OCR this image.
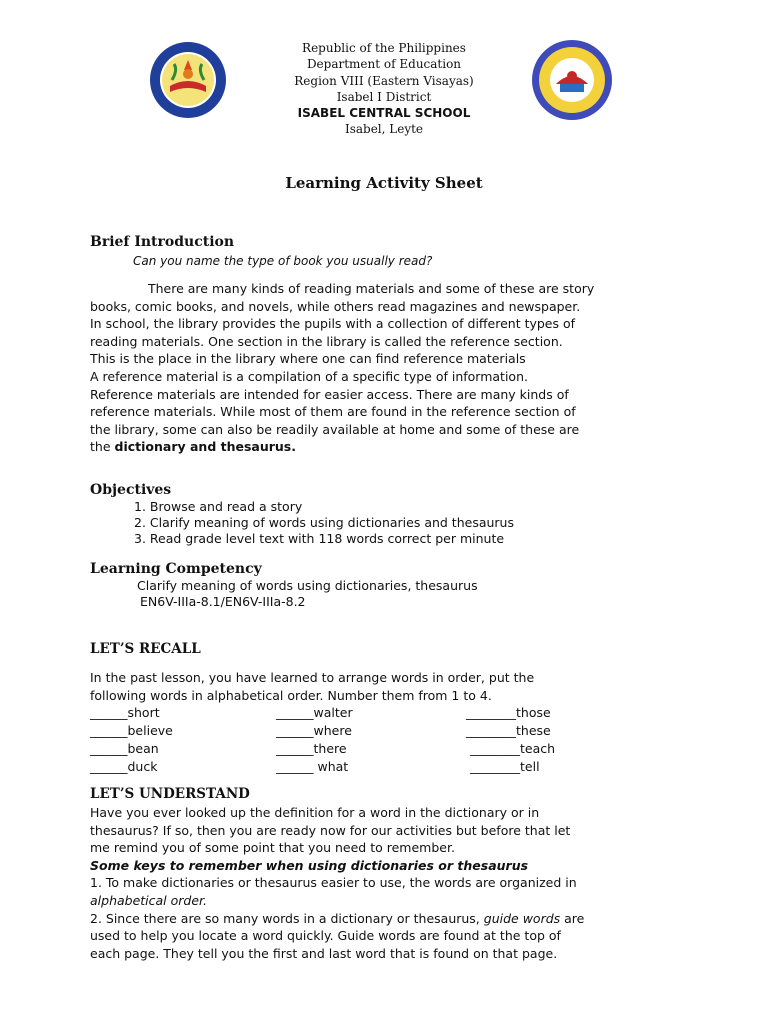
Republic of the Philippines
Department of Education
Region VIII (Eastern Visayas)
Isabel I District
ISABEL CENTRAL SCHOOL
Isabel, Leyte
Learning Activity Sheet
Brief Introduction
Can you name the type of book you usually read?
There are many kinds of reading materials and some of these are story
books, comic books, and novels, while others read magazines and newspaper.
In school, the library provides the pupils with a collection of different types of
reading materials. One section in the library is called the reference section.
This is the place in the library where one can find reference materials
A reference material is a compilation of a specific type of information.
Reference materials are intended for easier access. There are many kinds of
reference materials. While most of them are found in the reference section of
the library, some can also be readily available at home and some of these are
the dictionary and thesaurus.
Objectives
1. Browse and read a story
2. Clarify meaning of words using dictionaries and thesaurus
3. Read grade level text with 118 words correct per minute
Learning Competency
Clarify meaning of words using dictionaries, thesaurus
EN6V-IIIa-8.1/EN6V-IIIa-8.2
LET’S RECALL
In the past lesson, you have learned to arrange words in order, put the
following words in alphabetical order. Number them from 1 to 4.
______short	______walter	________those
______believe	______where	________these
______bean	______there	________teach
______duck	______ what	________tell
LET’S UNDERSTAND
Have you ever looked up the definition for a word in the dictionary or in
thesaurus? If so, then you are ready now for our activities but before that let
me remind you of some point that you need to remember.
Some keys to remember when using dictionaries or thesaurus
1. To make dictionaries or thesaurus easier to use, the words are organized in
alphabetical order.
2. Since there are so many words in a dictionary or thesaurus, guide words are
used to help you locate a word quickly. Guide words are found at the top of
each page. They tell you the first and last word that is found on that page.
